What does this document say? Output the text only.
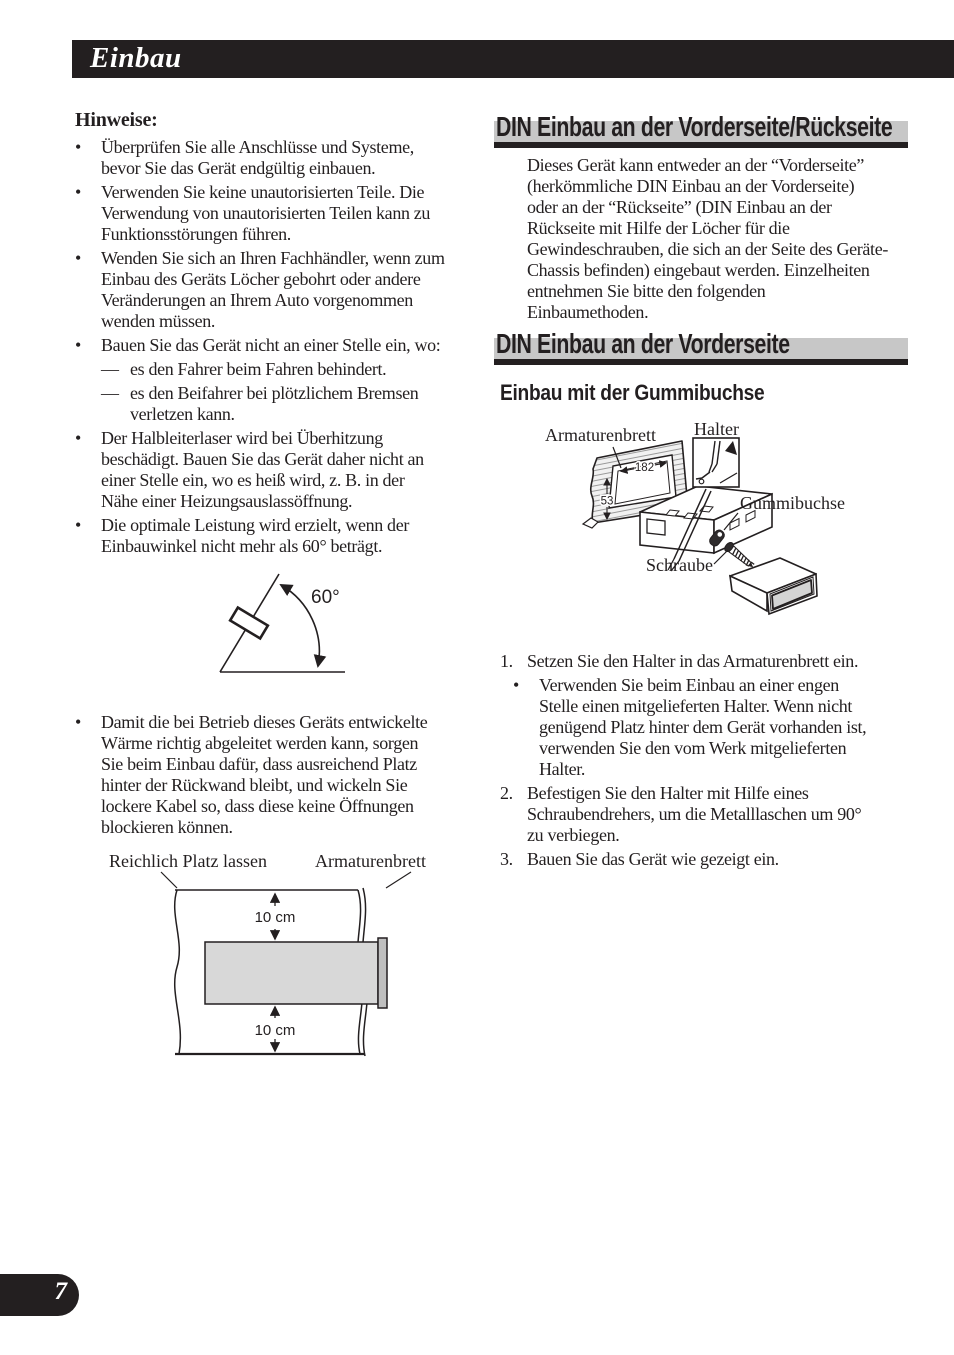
Einbau
Hinweise:
•	Überprüfen Sie alle Anschlüsse und Systeme, bevor Sie das Gerät endgültig einbauen.
•	Verwenden Sie keine unautorisierten Teile. Die Verwendung von unautorisierten Teilen kann zu Funktionsstörungen führen.
•	Wenden Sie sich an Ihren Fachhändler, wenn zum Einbau des Geräts Löcher gebohrt oder andere Veränderungen an Ihrem Auto vorgenommen wenden müssen.
•	Bauen Sie das Gerät nicht an einer Stelle ein, wo:
— es den Fahrer beim Fahren behindert.
— es den Beifahrer bei plötzlichem Bremsen verletzen kann.
•	Der Halbleiterlaser wird bei Überhitzung beschädigt. Bauen Sie das Gerät daher nicht an einer Stelle ein, wo es heiß wird, z. B. in der Nähe einer Heizungsauslassöffnung.
•	Die optimale Leistung wird erzielt, wenn der Einbauwinkel nicht mehr als 60° beträgt.
60°
•	Damit die bei Betrieb dieses Geräts entwickelte Wärme richtig abgeleitet werden kann, sorgen Sie beim Einbau dafür, dass ausreichend Platz hinter der Rückwand bleibt, und wickeln Sie lockere Kabel so, dass diese keine Öffnungen blockieren können.
Reichlich Platz lassen	Armaturenbrett
10 cm
10 cm
DIN Einbau an der Vorderseite/Rückseite
Dieses Gerät kann entweder an der “Vorderseite” (herkömmliche DIN Einbau an der Vorderseite) oder an der “Rückseite” (DIN Einbau an der Rückseite mit Hilfe der Löcher für die Gewindeschrauben, die sich an der Seite des Geräte-Chassis befinden) eingebaut werden. Einzelheiten entnehmen Sie bitte den folgenden Einbaumethoden.
DIN Einbau an der Vorderseite
Einbau mit der Gummibuchse
182
53
Armaturenbrett Halter
Gummibuchse
Schraube
1. Setzen Sie den Halter in das Armaturenbrett ein.
•	Verwenden Sie beim Einbau an einer engen Stelle einen mitgelieferten Halter. Wenn nicht genügend Platz hinter dem Gerät vorhanden ist, verwenden Sie den vom Werk mitgelieferten Halter.
2. Befestigen Sie den Halter mit Hilfe eines Schraubendrehers, um die Metalllaschen um 90° zu verbiegen.
3. Bauen Sie das Gerät wie gezeigt ein.
7
